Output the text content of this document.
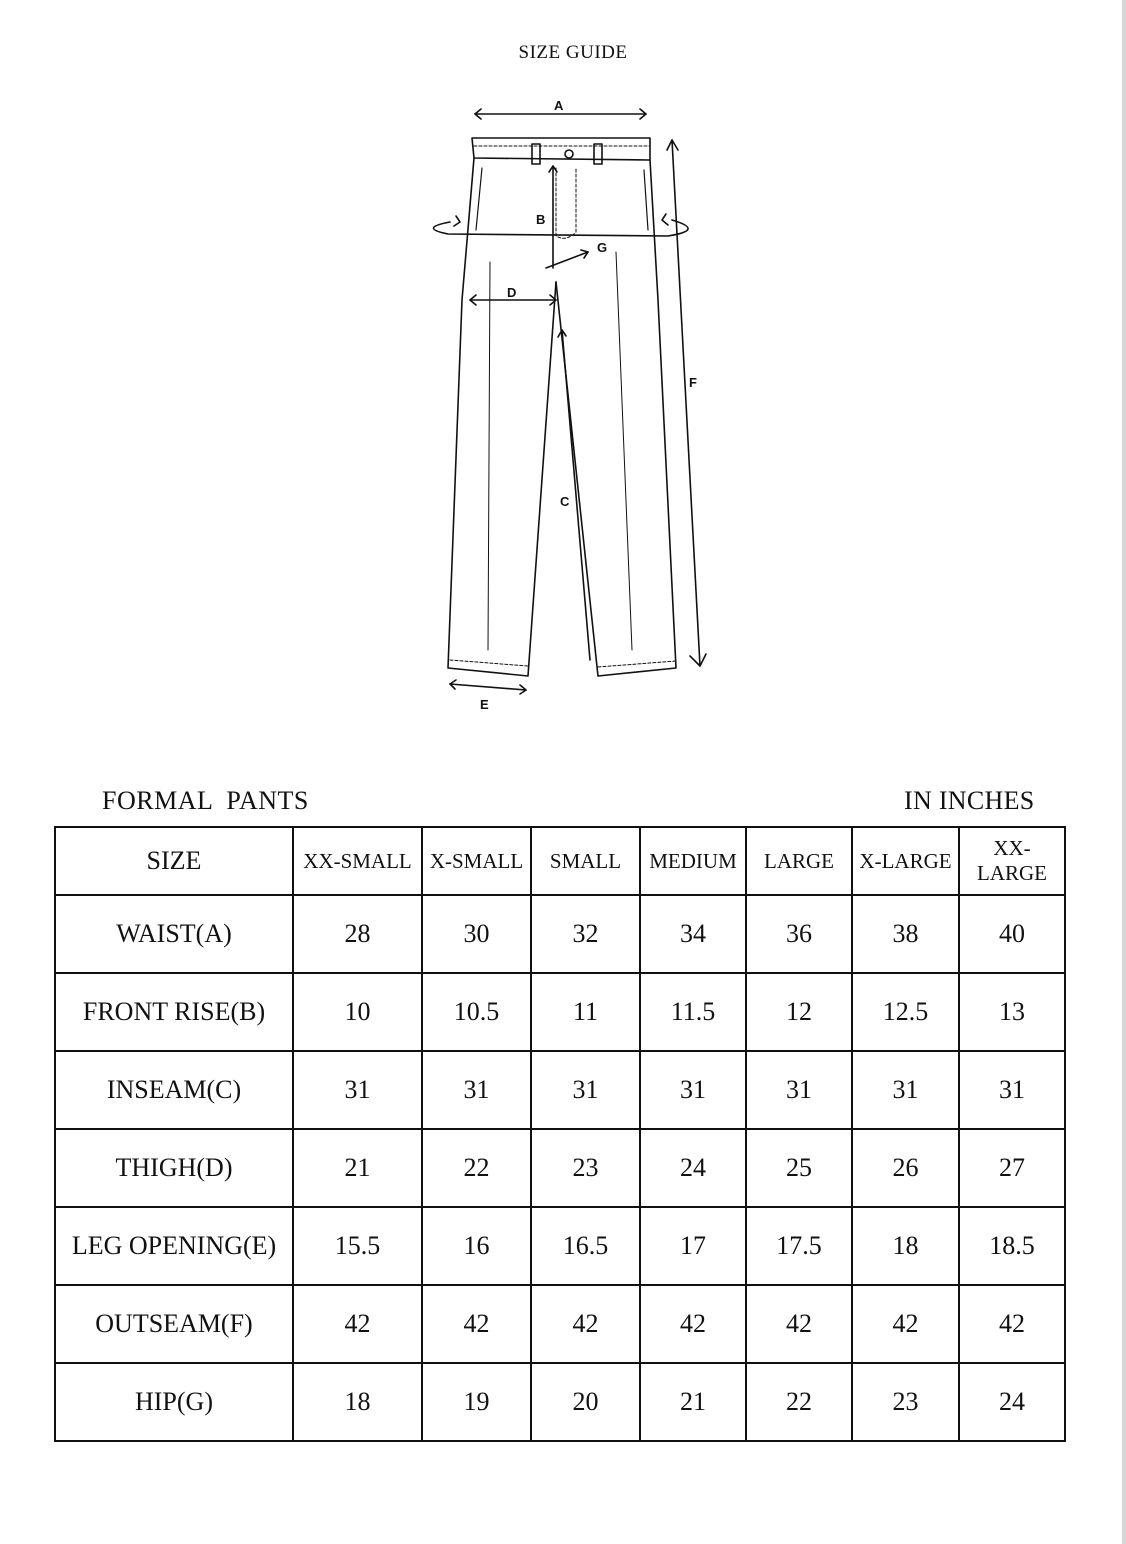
SIZE GUIDE
A
B
G
D
F
C
E
FORMAL  PANTS	IN INCHES
SIZE	XX-SMALL	X-SMALL	SMALL	MEDIUM	LARGE	X-LARGE	XX-LARGE
WAIST(A)	28	30	32	34	36	38	40
FRONT RISE(B)	10	10.5	11	11.5	12	12.5	13
INSEAM(C)	31	31	31	31	31	31	31
THIGH(D)	21	22	23	24	25	26	27
LEG OPENING(E)	15.5	16	16.5	17	17.5	18	18.5
OUTSEAM(F)	42	42	42	42	42	42	42
HIP(G)	18	19	20	21	22	23	24
